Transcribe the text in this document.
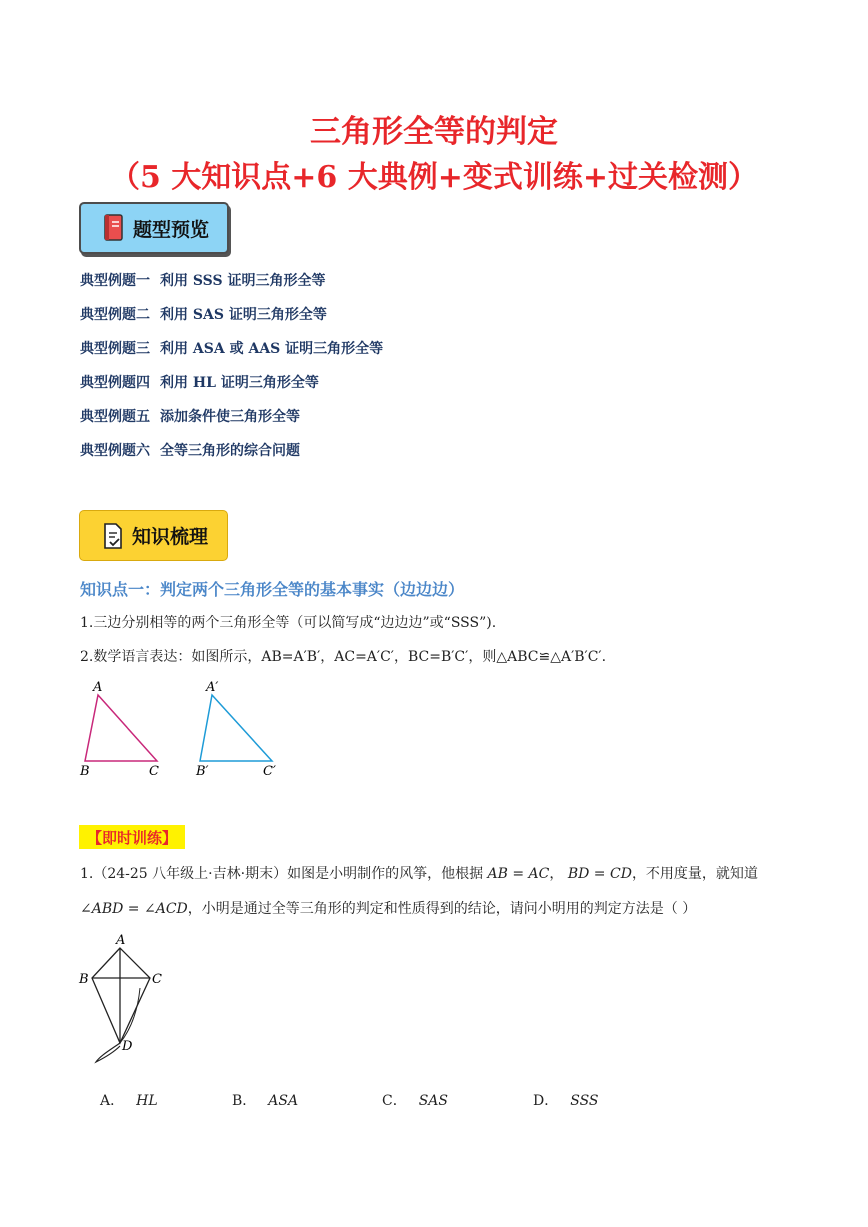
三角形全等的判定
（5 大知识点+6 大典例+变式训练+过关检测）
题型预览
典型例题一 利用 SSS 证明三角形全等
典型例题二 利用 SAS 证明三角形全等
典型例题三 利用 ASA 或 AAS 证明三角形全等
典型例题四 利用 HL 证明三角形全等
典型例题五 添加条件使三角形全等
典型例题六 全等三角形的综合问题
知识梳理
知识点一：判定两个三角形全等的基本事实（边边边）
1.三边分别相等的两个三角形全等（可以简写成“边边边”或“SSS”).
2.数学语言表达：如图所示，AB=A′B′，AC=A′C′，BC=B′C′，则△ABC≌△A′B′C′.
A
B	C
A′
B′	C′
【即时训练】
1.（24-25 八年级上·吉林·期末）如图是小明制作的风筝，他根据 AB = AC， BD = CD，不用度量，就知道
∠ABD = ∠ACD，小明是通过全等三角形的判定和性质得到的结论，请问小明用的判定方法是（ ）
A
B	C
D
A． HL	B． ASA	C． SAS	D． SSS
